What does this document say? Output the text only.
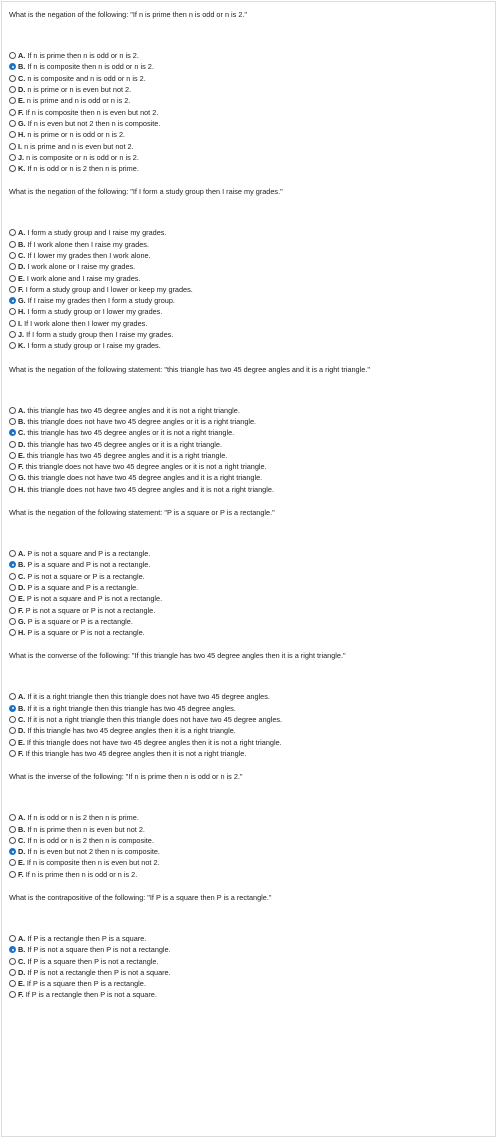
What is the negation of the following: "If n is prime then n is odd or n is 2."
A. If n is prime then n is odd or n is 2.
B. If n is composite then n is odd or n is 2.
C. n is composite and n is odd or n is 2.
D. n is prime or n is even but not 2.
E. n is prime and n is odd or n is 2.
F. If n is composite then n is even but not 2.
G. If n is even but not 2 then n is composite.
H. n is prime or n is odd or n is 2.
I. n is prime and n is even but not 2.
J. n is composite or n is odd or n is 2.
K. If n is odd or n is 2 then n is prime.
What is the negation of the following: "If I form a study group then I raise my grades."
A. I form a study group and I raise my grades.
B. If I work alone then I raise my grades.
C. If I lower my grades then I work alone.
D. I work alone or I raise my grades.
E. I work alone and I raise my grades.
F. I form a study group and I lower or keep my grades.
G. If I raise my grades then I form a study group.
H. I form a study group or I lower my grades.
I. If I work alone then I lower my grades.
J. If I form a study group then I raise my grades.
K. I form a study group or I raise my grades.
What is the negation of the following statement: "this triangle has two 45 degree angles and it is a right triangle."
A. this triangle has two 45 degree angles and it is not a right triangle.
B. this triangle does not have two 45 degree angles or it is a right triangle.
C. this triangle has two 45 degree angles or it is not a right triangle.
D. this triangle has two 45 degree angles or it is a right triangle.
E. this triangle has two 45 degree angles and it is a right triangle.
F. this triangle does not have two 45 degree angles or it is not a right triangle.
G. this triangle does not have two 45 degree angles and it is a right triangle.
H. this triangle does not have two 45 degree angles and it is not a right triangle.
What is the negation of the following statement: "P is a square or P is a rectangle."
A. P is not a square and P is a rectangle.
B. P is a square and P is not a rectangle.
C. P is not a square or P is a rectangle.
D. P is a square and P is a rectangle.
E. P is not a square and P is not a rectangle.
F. P is not a square or P is not a rectangle.
G. P is a square or P is a rectangle.
H. P is a square or P is not a rectangle.
What is the converse of the following: "If this triangle has two 45 degree angles then it is a right triangle."
A. If it is a right triangle then this triangle does not have two 45 degree angles.
B. If it is a right triangle then this triangle has two 45 degree angles.
C. If it is not a right triangle then this triangle does not have two 45 degree angles.
D. If this triangle has two 45 degree angles then it is a right triangle.
E. If this triangle does not have two 45 degree angles then it is not a right triangle.
F. If this triangle has two 45 degree angles then it is not a right triangle.
What is the inverse of the following: "If n is prime then n is odd or n is 2."
A. If n is odd or n is 2 then n is prime.
B. If n is prime then n is even but not 2.
C. If n is odd or n is 2 then n is composite.
D. If n is even but not 2 then n is composite.
E. If n is composite then n is even but not 2.
F. If n is prime then n is odd or n is 2.
What is the contrapositive of the following: "If P is a square then P is a rectangle."
A. If P is a rectangle then P is a square.
B. If P is not a square then P is not a rectangle.
C. If P is a square then P is not a rectangle.
D. If P is not a rectangle then P is not a square.
E. If P is a square then P is a rectangle.
F. If P is a rectangle then P is not a square.
